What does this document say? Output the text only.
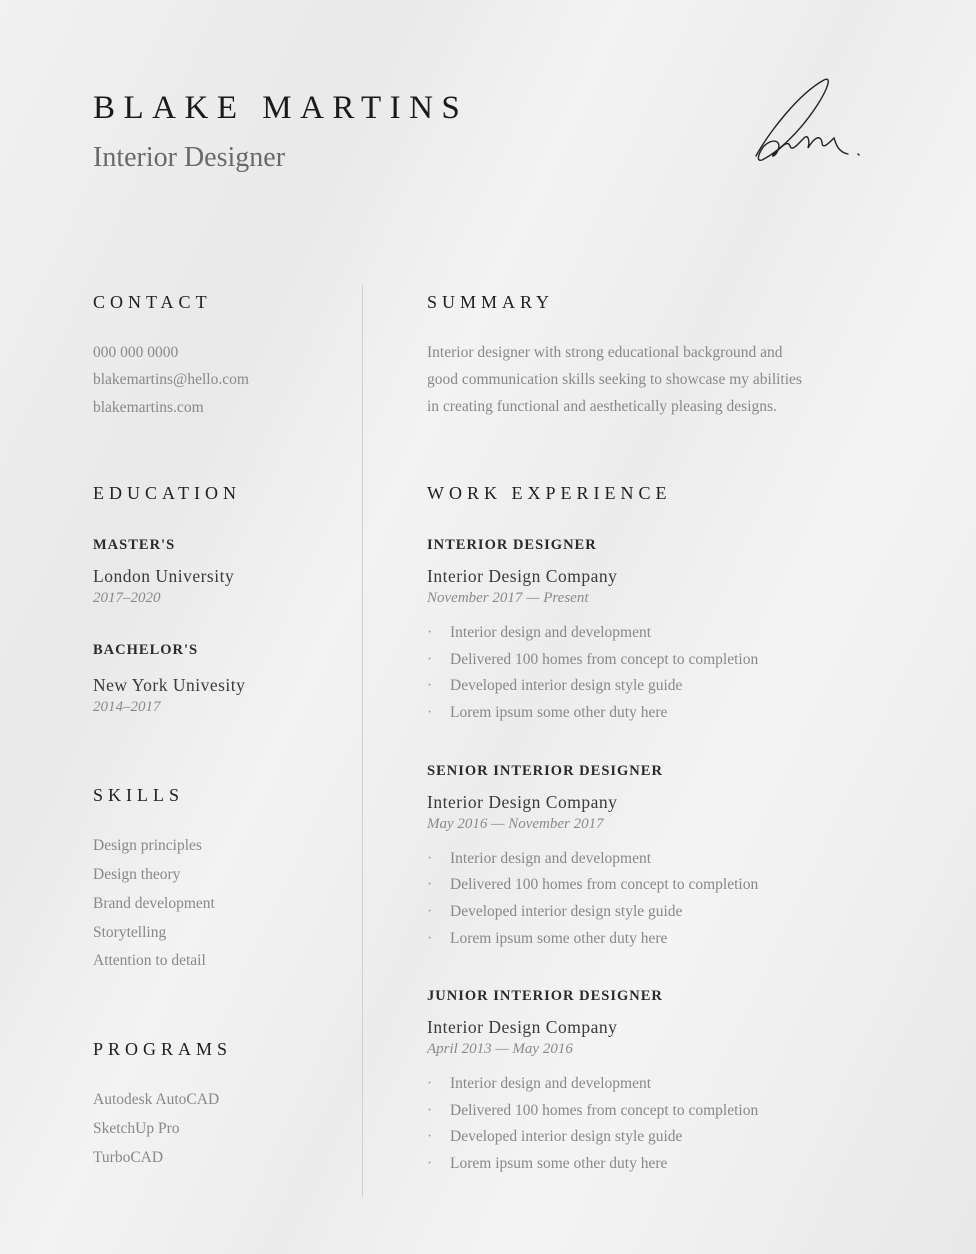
BLAKE MARTINS
Interior Designer
CONTACT
000 000 0000
blakemartins@hello.com
blakemartins.com
EDUCATION
MASTER'S
London University
2017–2020
BACHELOR'S
New York Univesity
2014–2017
SKILLS
Design principles
Design theory
Brand development
Storytelling
Attention to detail
PROGRAMS
Autodesk AutoCAD
SketchUp Pro
TurboCAD
SUMMARY
Interior designer with strong educational background and
good communication skills seeking to showcase my abilities
in creating functional and aesthetically pleasing designs.
WORK EXPERIENCE
INTERIOR DESIGNER
Interior Design Company
November 2017 — Present
· Interior design and development
· Delivered 100 homes from concept to completion
· Developed interior design style guide
· Lorem ipsum some other duty here
SENIOR INTERIOR DESIGNER
Interior Design Company
May 2016 — November 2017
· Interior design and development
· Delivered 100 homes from concept to completion
· Developed interior design style guide
· Lorem ipsum some other duty here
JUNIOR INTERIOR DESIGNER
Interior Design Company
April 2013 — May 2016
· Interior design and development
· Delivered 100 homes from concept to completion
· Developed interior design style guide
· Lorem ipsum some other duty here
